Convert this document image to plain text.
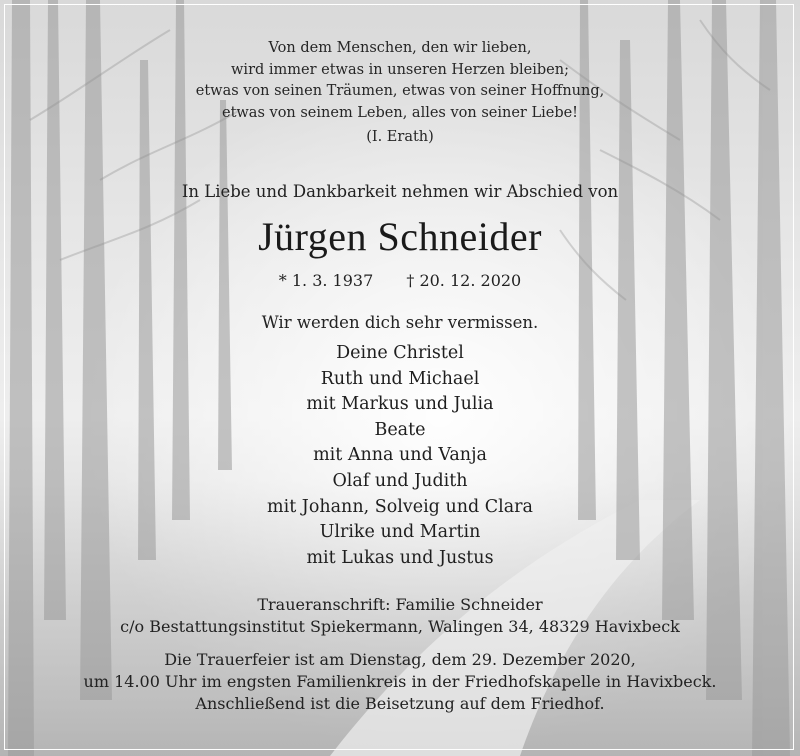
Von dem Menschen, den wir lieben,
wird immer etwas in unseren Herzen bleiben;
etwas von seinen Träumen, etwas von seiner Hoffnung,
etwas von seinem Leben, alles von seiner Liebe!
(I. Erath)
In Liebe und Dankbarkeit nehmen wir Abschied von
Jürgen Schneider
* 1. 3. 1937 † 20. 12. 2020
Wir werden dich sehr vermissen.
Deine Christel
Ruth und Michael
mit Markus und Julia
Beate
mit Anna und Vanja
Olaf und Judith
mit Johann, Solveig und Clara
Ulrike und Martin
mit Lukas und Justus
Traueranschrift: Familie Schneider
c/o Bestattungsinstitut Spiekermann, Walingen 34, 48329 Havixbeck
Die Trauerfeier ist am Dienstag, dem 29. Dezember 2020,
um 14.00 Uhr im engsten Familienkreis in der Friedhofskapelle in Havixbeck.
Anschließend ist die Beisetzung auf dem Friedhof.
